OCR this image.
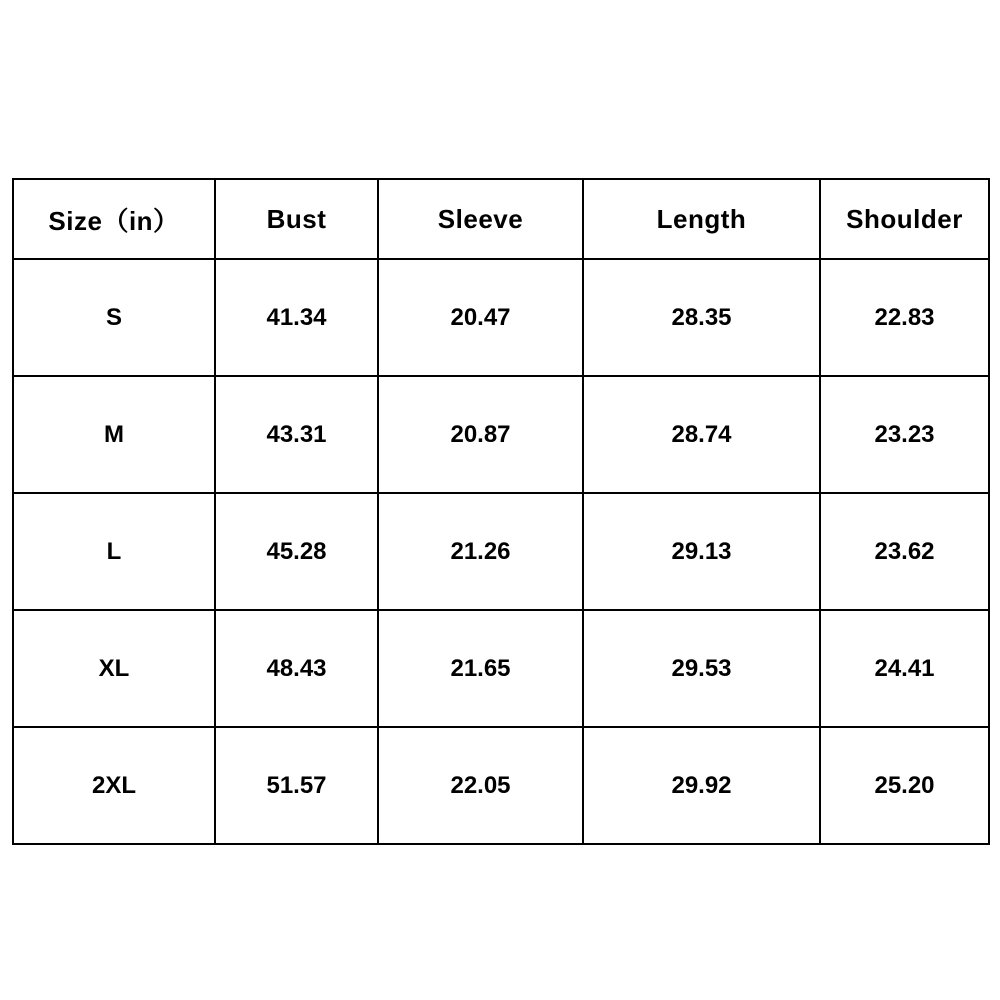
Size（in）	Bust	Sleeve	Length	Shoulder
S	41.34	20.47	28.35	22.83
M	43.31	20.87	28.74	23.23
L	45.28	21.26	29.13	23.62
XL	48.43	21.65	29.53	24.41
2XL	51.57	22.05	29.92	25.20
